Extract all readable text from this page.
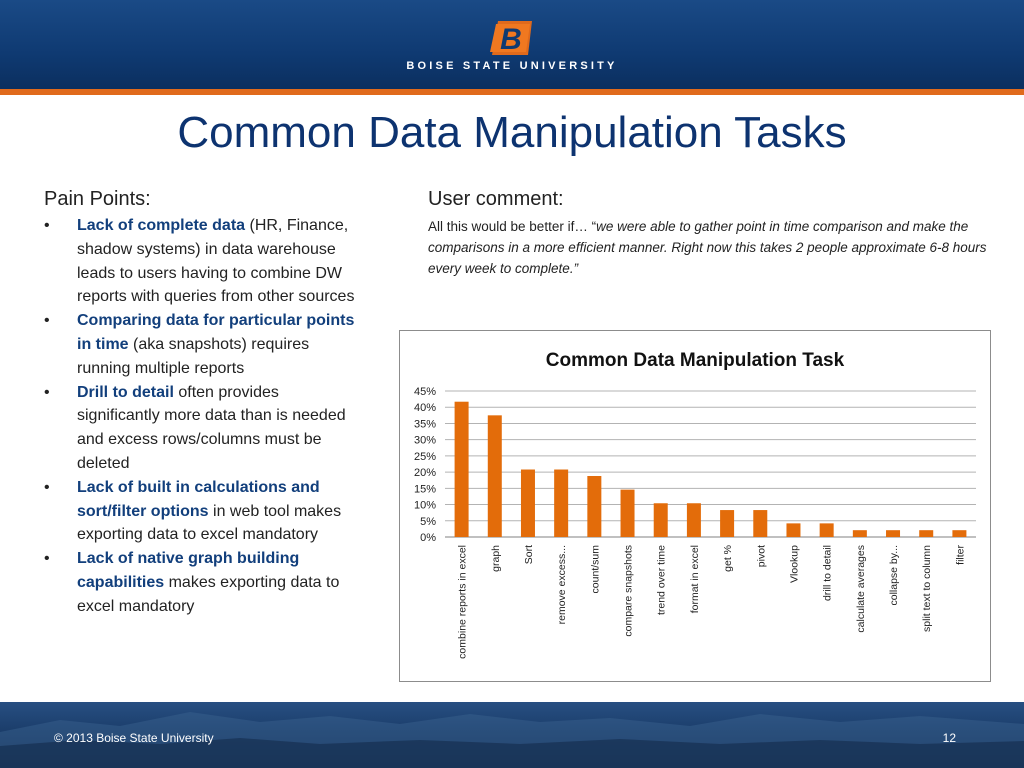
B
BOISE STATE UNIVERSITY
Common Data Manipulation Tasks
Pain Points:
• Lack of complete data (HR, Finance, shadow systems) in data warehouse leads to users having to combine DW reports with queries from other sources
• Comparing data for particular points in time (aka snapshots) requires running multiple reports
• Drill to detail often provides significantly more data than is needed and excess rows/columns must be deleted
• Lack of built in calculations and sort/filter options in web tool makes exporting data to excel mandatory
• Lack of native graph building capabilities makes exporting data to excel mandatory
User comment:
All this would be better if… “we were able to gather point in time comparison and make the comparisons in a more efficient manner. Right now this takes 2 people approximate 6-8 hours every week to complete.”
Common Data Manipulation Task
0%
5%
10%
15%
20%
25%
30%
35%
40%
45%
combine reports in excel graph Sort remove excess... count/sum compare snapshots trend over time format in excel get % pivot Vlookup drill to detail calculate averages collapse by... split text to column filter
© 2013 Boise State University	12
